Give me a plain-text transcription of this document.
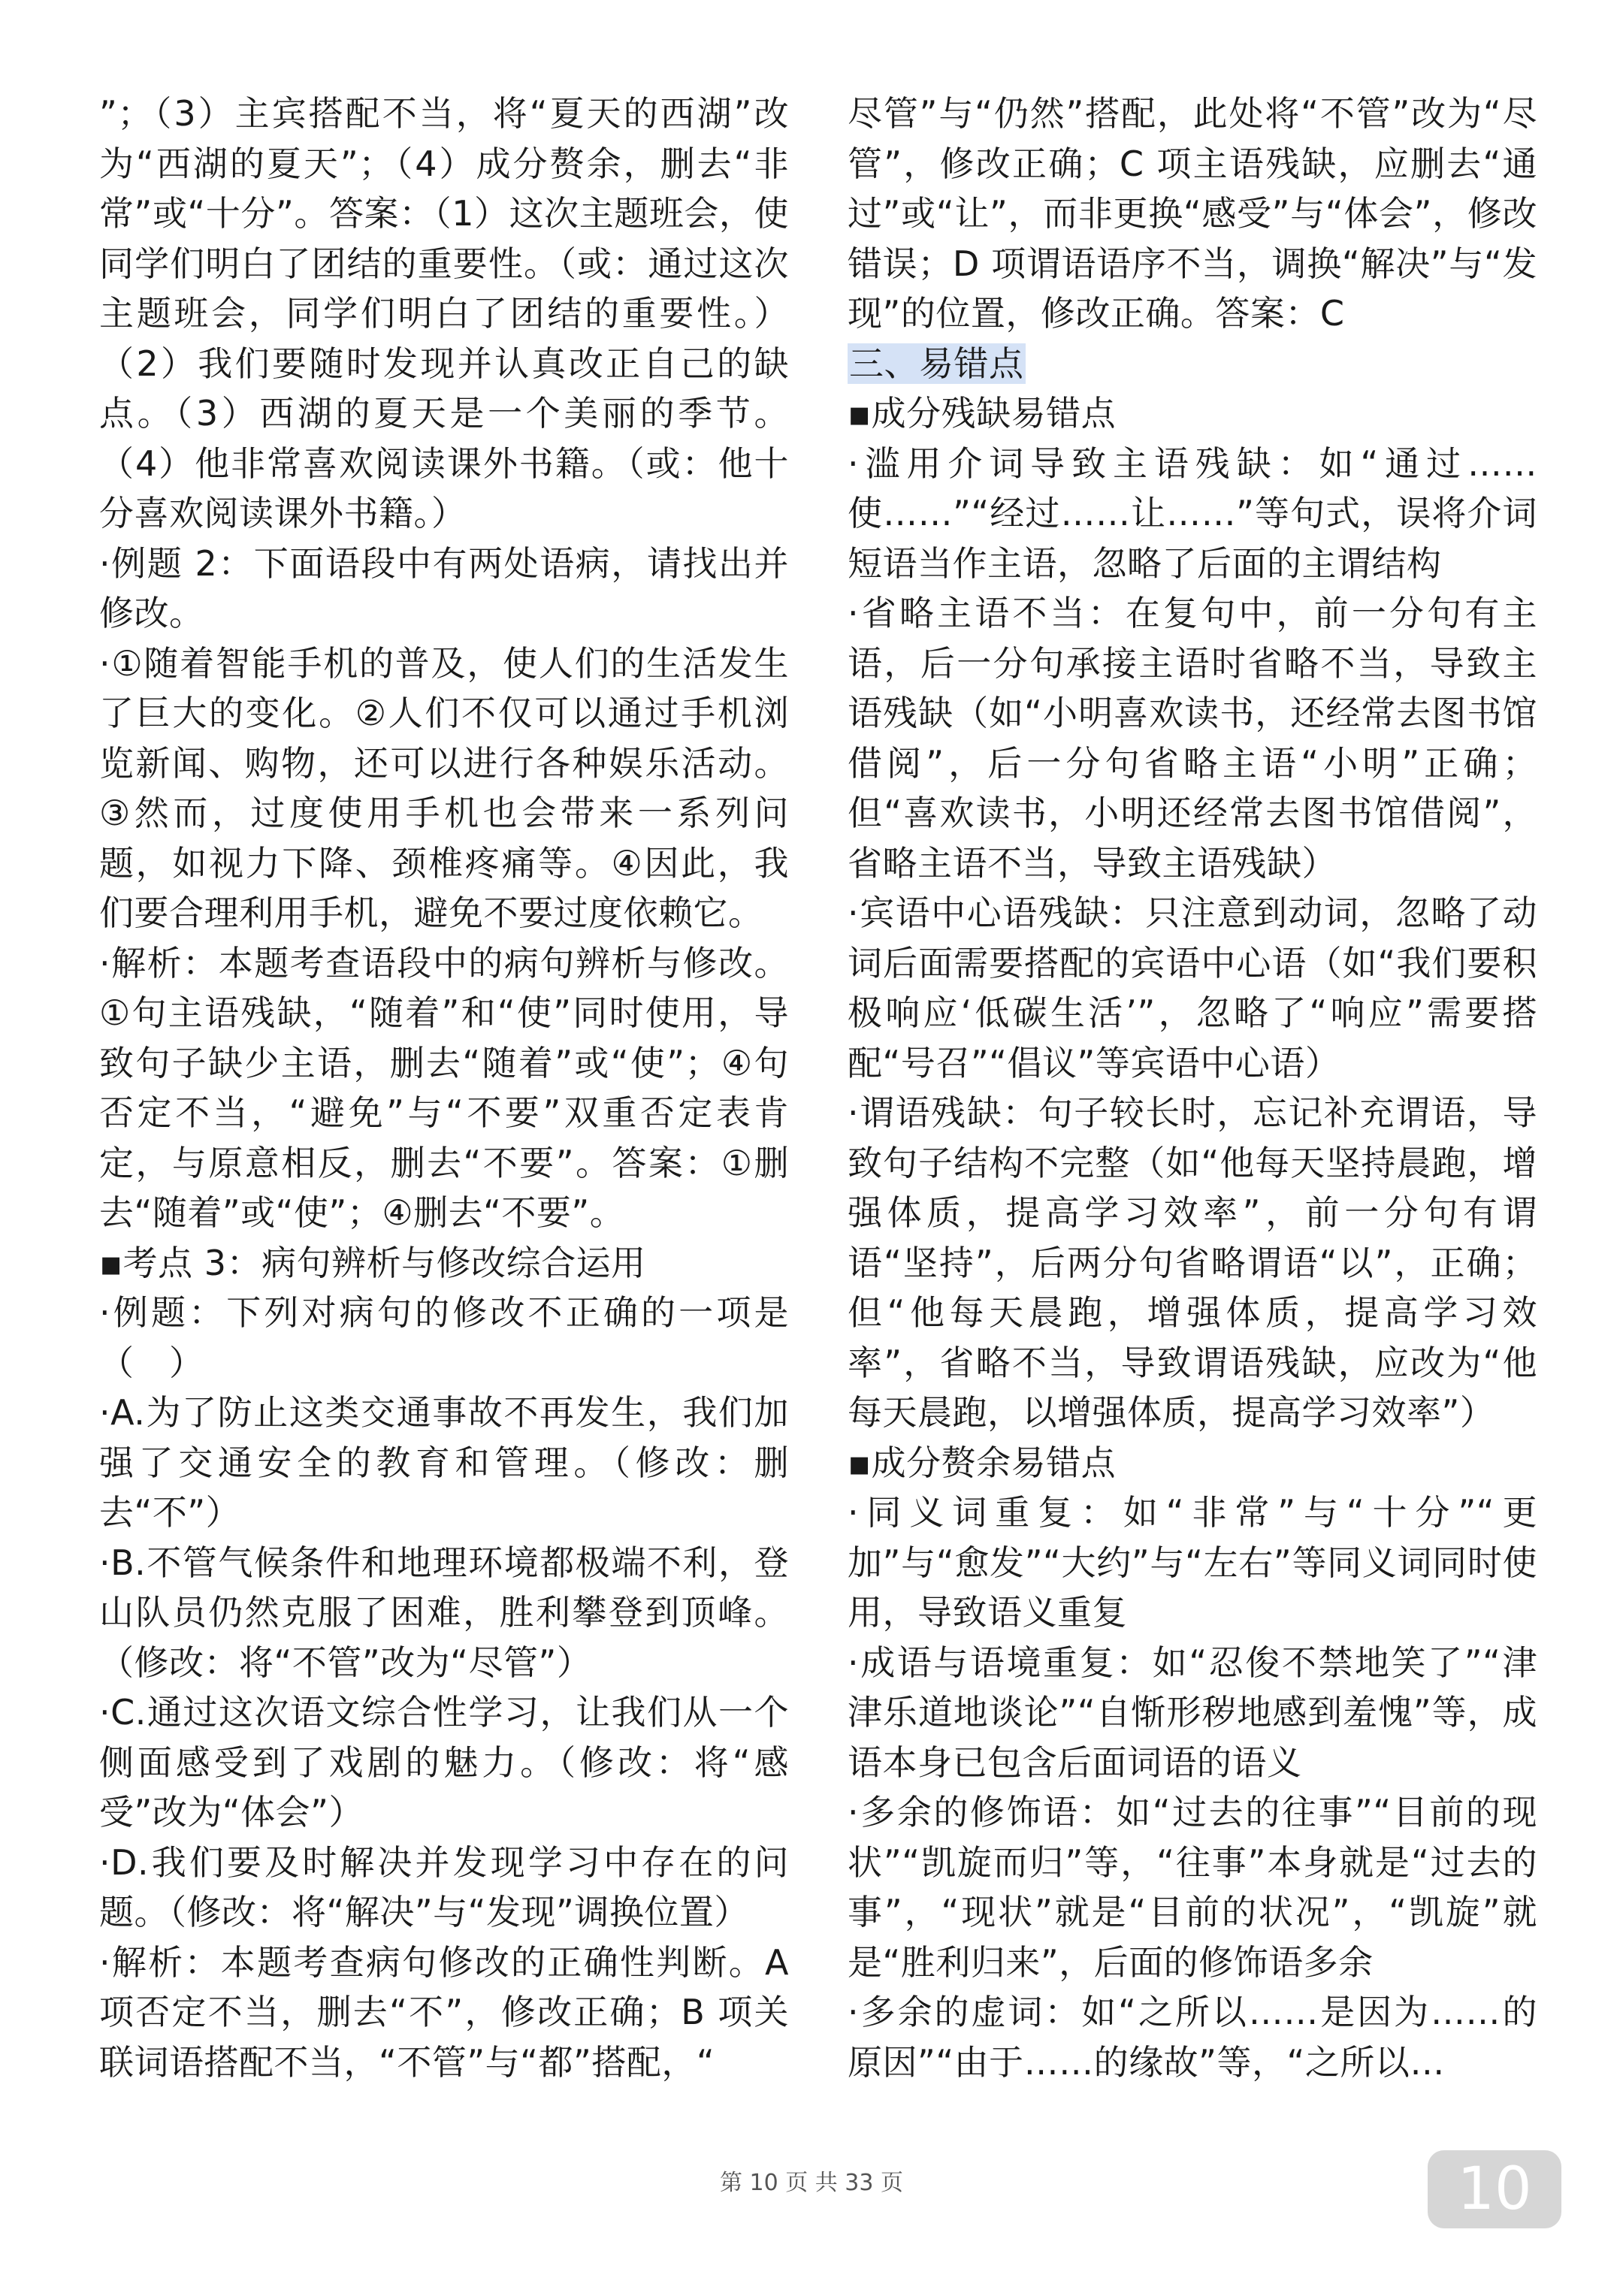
”；（3）主宾搭配不当，将“夏天的西湖”改为“西湖的夏天”；（4）成分赘余，删去“非常”或“十分”。答案：（1）这次主题班会，使同学们明白了团结的重要性。（或：通过这次主题班会，同学们明白了团结的重要性。）（2）我们要随时发现并认真改正自己的缺点。（3）西湖的夏天是一个美丽的季节。（4）他非常喜欢阅读课外书籍。（或：他十分喜欢阅读课外书籍。）

·例题 2：下面语段中有两处语病，请找出并修改。

·①随着智能手机的普及，使人们的生活发生了巨大的变化。②人们不仅可以通过手机浏览新闻、购物，还可以进行各种娱乐活动。③然而，过度使用手机也会带来一系列问题，如视力下降、颈椎疼痛等。④因此，我们要合理利用手机，避免不要过度依赖它。

·解析：本题考查语段中的病句辨析与修改。①句主语残缺，“随着”和“使”同时使用，导致句子缺少主语，删去“随着”或“使”；④句否定不当，“避免”与“不要”双重否定表肯定，与原意相反，删去“不要”。答案：①删去“随着”或“使”；④删去“不要”。

▪考点 3：病句辨析与修改综合运用

·例题：下列对病句的修改不正确的一项是（　）

·A.为了防止这类交通事故不再发生，我们加强了交通安全的教育和管理。（修改：删去“不”）

·B.不管气候条件和地理环境都极端不利，登山队员仍然克服了困难，胜利攀登到顶峰。（修改：将“不管”改为“尽管”）

·C.通过这次语文综合性学习，让我们从一个侧面感受到了戏剧的魅力。（修改：将“感受”改为“体会”）

·D.我们要及时解决并发现学习中存在的问题。（修改：将“解决”与“发现”调换位置）

·解析：本题考查病句修改的正确性判断。A 项否定不当，删去“不”，修改正确；B 项关联词语搭配不当，“不管”与“都”搭配，“

尽管”与“仍然”搭配，此处将“不管”改为“尽管”，修改正确；C 项主语残缺，应删去“通过”或“让”，而非更换“感受”与“体会”，修改错误；D 项谓语语序不当，调换“解决”与“发现”的位置，修改正确。答案：C

三、易错点

▪成分残缺易错点

·滥用介词导致主语残缺：如“通过……使……”“经过……让……”等句式，误将介词短语当作主语，忽略了后面的主谓结构

·省略主语不当：在复句中，前一分句有主语，后一分句承接主语时省略不当，导致主语残缺（如“小明喜欢读书，还经常去图书馆借阅”，后一分句省略主语“小明”正确；但“喜欢读书，小明还经常去图书馆借阅”，省略主语不当，导致主语残缺）

·宾语中心语残缺：只注意到动词，忽略了动词后面需要搭配的宾语中心语（如“我们要积极响应‘低碳生活’”，忽略了“响应”需要搭配“号召”“倡议”等宾语中心语）

·谓语残缺：句子较长时，忘记补充谓语，导致句子结构不完整（如“他每天坚持晨跑，增强体质，提高学习效率”，前一分句有谓语“坚持”，后两分句省略谓语“以”，正确；但“他每天晨跑，增强体质，提高学习效率”，省略不当，导致谓语残缺，应改为“他每天晨跑，以增强体质，提高学习效率”）

▪成分赘余易错点

·同义词重复：如“非常”与“十分”“更加”与“愈发”“大约”与“左右”等同义词同时使用，导致语义重复

·成语与语境重复：如“忍俊不禁地笑了”“津津乐道地谈论”“自惭形秽地感到羞愧”等，成语本身已包含后面词语的语义

·多余的修饰语：如“过去的往事”“目前的现状”“凯旋而归”等，“往事”本身就是“过去的事”，“现状”就是“目前的状况”，“凯旋”就是“胜利归来”，后面的修饰语多余

·多余的虚词：如“之所以……是因为……的原因”“由于……的缘故”等，“之所以…

第 10 页 共 33 页	10
